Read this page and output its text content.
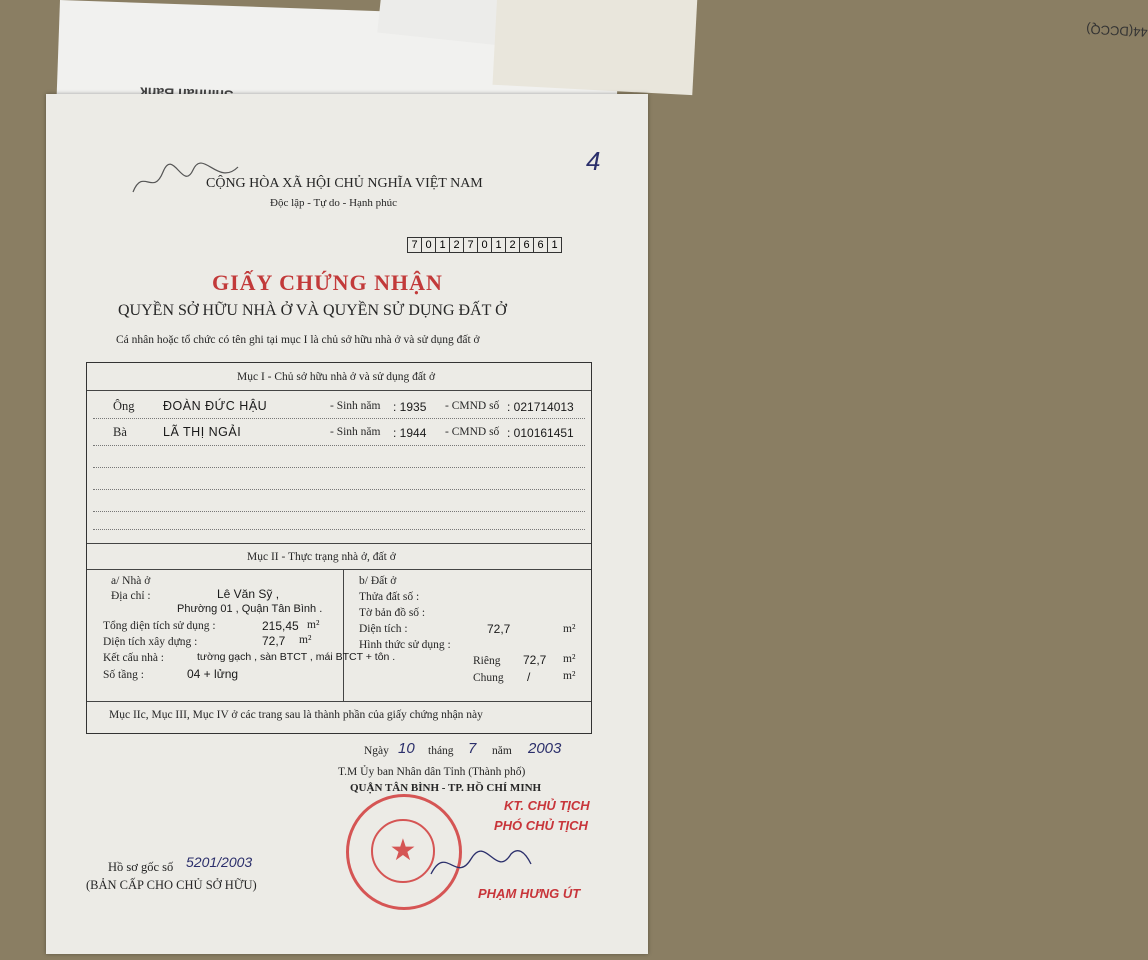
44(DCCQ)
CỘNG HÒA XÃ HỘI CHỦ NGHĨA VIỆT NAM
Độc lập - Tự do - Hạnh phúc
4
7 0 1 2 7 0 1 2 6 6 1
GIẤY CHỨNG NHẬN
QUYỀN SỞ HỮU NHÀ Ở VÀ QUYỀN SỬ DỤNG ĐẤT Ở
Cá nhân hoặc tổ chức có tên ghi tại mục I là chủ sở hữu nhà ở và sử dụng đất ở
Mục I - Chủ sở hữu nhà ở và sử dụng đất ở
Ông ĐOÀN ĐỨC HẬU	- Sinh năm : 1935 - CMND số : 021714013
Bà	LÃ THỊ NGẢI	- Sinh năm : 1944 - CMND số : 010161451
Mục II - Thực trạng nhà ở, đất ở
a/ Nhà ở
Địa chỉ :	Lê Văn Sỹ ,
Phường 01 , Quận Tân Bình .
Tổng diện tích sử dụng :	215,45 m²
Diện tích xây dựng :	72,7 m²
Kết cấu nhà :	tường gạch , sàn BTCT , mái BTCT + tôn .
Số tầng :	04 + lửng
b/ Đất ở
Thửa đất số :
Tờ bản đồ số :
Diện tích :	72,7	m²
Hình thức sử dụng :
Riêng 72,7 m²
Chung /	m²
Mục IIc, Mục III, Mục IV ở các trang sau là thành phần của giấy chứng nhận này
Ngày 10 tháng 7 năm 2003
T.M Ủy ban Nhân dân Tỉnh (Thành phố)
QUẬN TÂN BÌNH - TP. HỒ CHÍ MINH
KT. CHỦ TỊCH
PHÓ CHỦ TỊCH
★
PHẠM HƯNG ÚT
Hồ sơ gốc số 5201/2003
(BẢN CẤP CHO CHỦ SỞ HỮU)
